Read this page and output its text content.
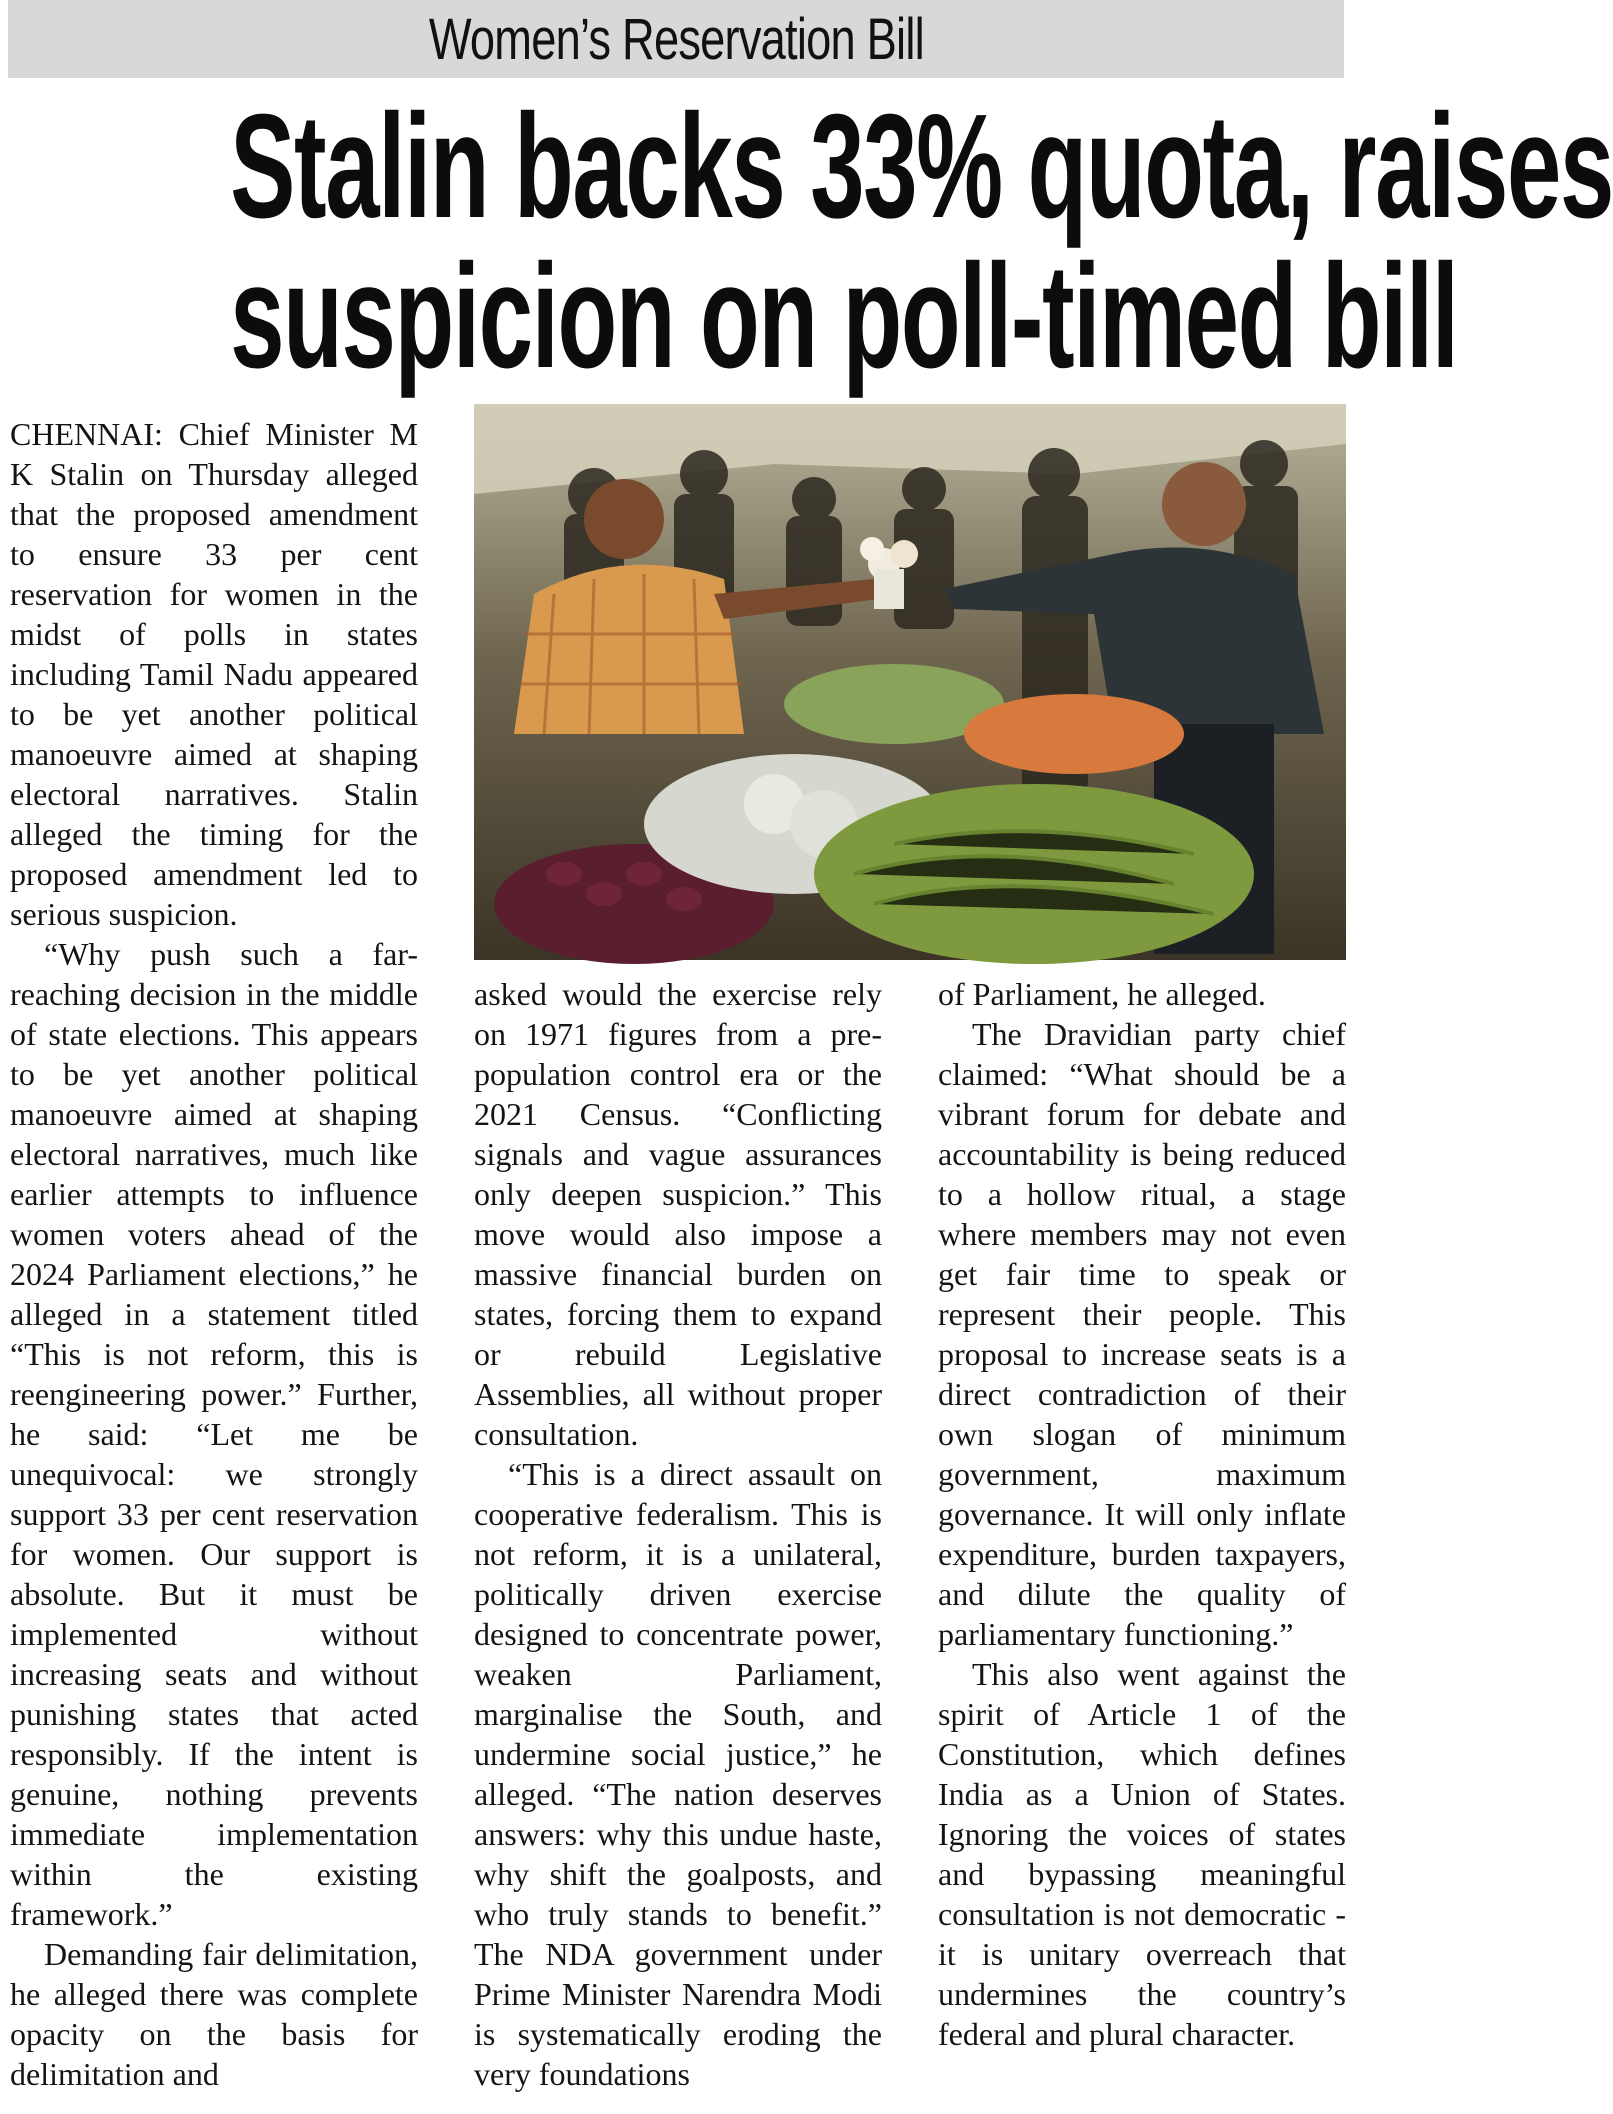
Women’s Reservation Bill
Stalin backs 33% quota, raises
suspicion on poll-timed bill

CHENNAI: Chief Minister M K Stalin on Thursday alleged that the proposed amendment to ensure 33 per cent reservation for women in the midst of polls in states including Tamil Nadu appeared to be yet another political manoeuvre aimed at shaping electoral narratives. Stalin alleged the timing for the proposed amendment led to serious suspicion.

“Why push such a far-reaching decision in the middle of state elections. This appears to be yet another political manoeuvre aimed at shaping electoral narratives, much like earlier attempts to influence women voters ahead of the 2024 Parliament elections,” he alleged in a statement titled “This is not reform, this is reengineering power.” Further, he said: “Let me be unequivocal: we strongly support 33 per cent reservation for women. Our support is absolute. But it must be implemented without increasing seats and without punishing states that acted responsibly. If the intent is genuine, nothing prevents immediate implementation within the existing framework.”

Demanding fair delimitation, he alleged there was complete opacity on the basis for delimitation and

asked would the exercise rely on 1971 figures from a pre-population control era or the 2021 Census. “Conflicting signals and vague assurances only deepen suspicion.” This move would also impose a massive financial burden on states, forcing them to expand or rebuild Legislative Assemblies, all without proper consultation.

“This is a direct assault on cooperative federalism. This is not reform, it is a unilateral, politically driven exercise designed to concentrate power, weaken Parliament, marginalise the South, and undermine social justice,” he alleged. “The nation deserves answers: why this undue haste, why shift the goalposts, and who truly stands to benefit.” The NDA government under Prime Minister Narendra Modi is systematically eroding the very foundations

of Parliament, he alleged.

The Dravidian party chief claimed: “What should be a vibrant forum for debate and accountability is being reduced to a hollow ritual, a stage where members may not even get fair time to speak or represent their people. This proposal to increase seats is a direct contradiction of their own slogan of minimum government, maximum governance. It will only inflate expenditure, burden taxpayers, and dilute the quality of parliamentary functioning.”

This also went against the spirit of Article 1 of the Constitution, which defines India as a Union of States. Ignoring the voices of states and bypassing meaningful consultation is not democratic - it is unitary overreach that undermines the country’s federal and plural character.
